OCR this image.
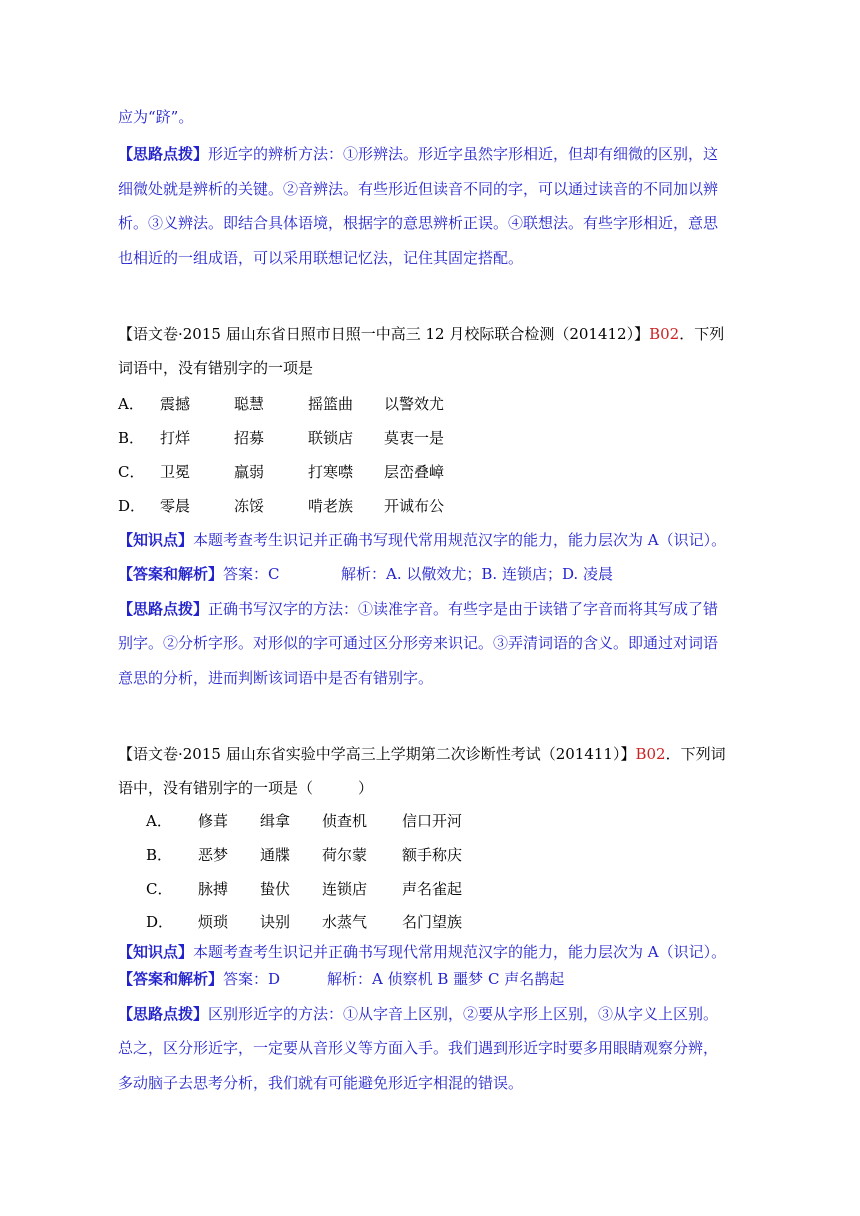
应为“跻”。
【思路点拨】形近字的辨析方法：①形辨法。形近字虽然字形相近，但却有细微的区别，这
细微处就是辨析的关键。②音辨法。有些形近但读音不同的字，可以通过读音的不同加以辨
析。③义辨法。即结合具体语境，根据字的意思辨析正误。④联想法。有些字形相近，意思
也相近的一组成语，可以采用联想记忆法，记住其固定搭配。
【语文卷·2015 届山东省日照市日照一中高三 12 月校际联合检测（201412）】B02．下列
词语中，没有错别字的一项是
A． 震撼	聪慧	摇篮曲 以警效尤
B． 打烊	招募	联锁店 莫衷一是
C． 卫冕	羸弱	打寒噤 层峦叠嶂
D． 零晨	冻馁	啃老族 开诚布公
【知识点】本题考查考生识记并正确书写现代常用规范汉字的能力，能力层次为 A（识记）。
【答案和解析】答案：C	解析：A. 以儆效尤；B. 连锁店；D. 凌晨
【思路点拨】正确书写汉字的方法：①读准字音。有些字是由于读错了字音而将其写成了错
别字。②分析字形。对形似的字可通过区分形旁来识记。③弄清词语的含义。即通过对词语
意思的分析，进而判断该词语中是否有错别字。
【语文卷·2015 届山东省实验中学高三上学期第二次诊断性考试（201411）】B02．下列词
语中，没有错别字的一项是（　　　）
A． 修葺 缉拿 侦查机 信口开河
B． 恶梦 通牒 荷尔蒙 额手称庆
C． 脉搏 蛰伏 连锁店 声名雀起
D． 烦琐 诀别 水蒸气 名门望族
【知识点】本题考查考生识记并正确书写现代常用规范汉字的能力，能力层次为 A（识记）。
【答案和解析】答案：D	解析：A 侦察机 B 噩梦 C 声名鹊起
【思路点拨】区别形近字的方法：①从字音上区别，②要从字形上区别，③从字义上区别。
总之，区分形近字，一定要从音形义等方面入手。我们遇到形近字时要多用眼睛观察分辨，
多动脑子去思考分析，我们就有可能避免形近字相混的错误。
